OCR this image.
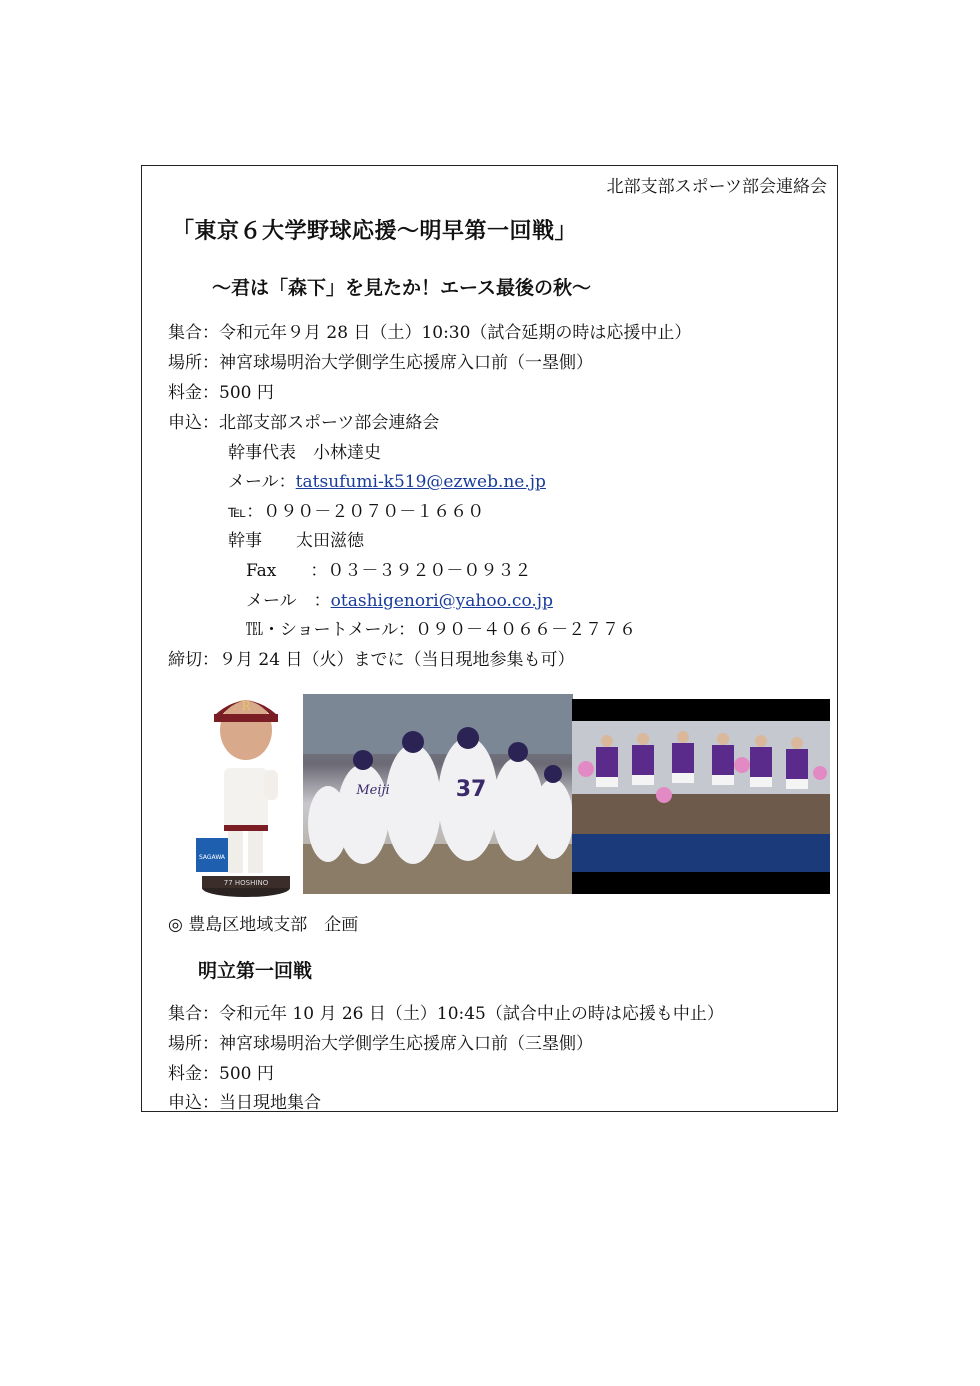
北部支部スポーツ部会連絡会
「東京６大学野球応援～明早第一回戦」
～君は「森下」を見たか！エース最後の秋～
集合：令和元年９月 28 日（土）10:30（試合延期の時は応援中止）
場所：神宮球場明治大学側学生応援席入口前（一塁側）
料金：500 円
申込：北部支部スポーツ部会連絡会
幹事代表　小林達史
メール：tatsufumi-k519@ezweb.ne.jp
℡：０９０－２０７０－１６６０
幹事　　太田滋徳
Fax　　：０３－３９２０－０９３２
メール　：otashigenori@yahoo.co.jp
℡・ショートメール：０９０－４０６６－２７７６
締切：９月 24 日（火）までに（当日現地参集も可）
77 HOSHINO
SAGAWA
R
37
Meiji
◎ 豊島区地域支部　企画
明立第一回戦
集合：令和元年 10 月 26 日（土）10:45（試合中止の時は応援も中止）
場所：神宮球場明治大学側学生応援席入口前（三塁側）
料金：500 円
申込：当日現地集合
